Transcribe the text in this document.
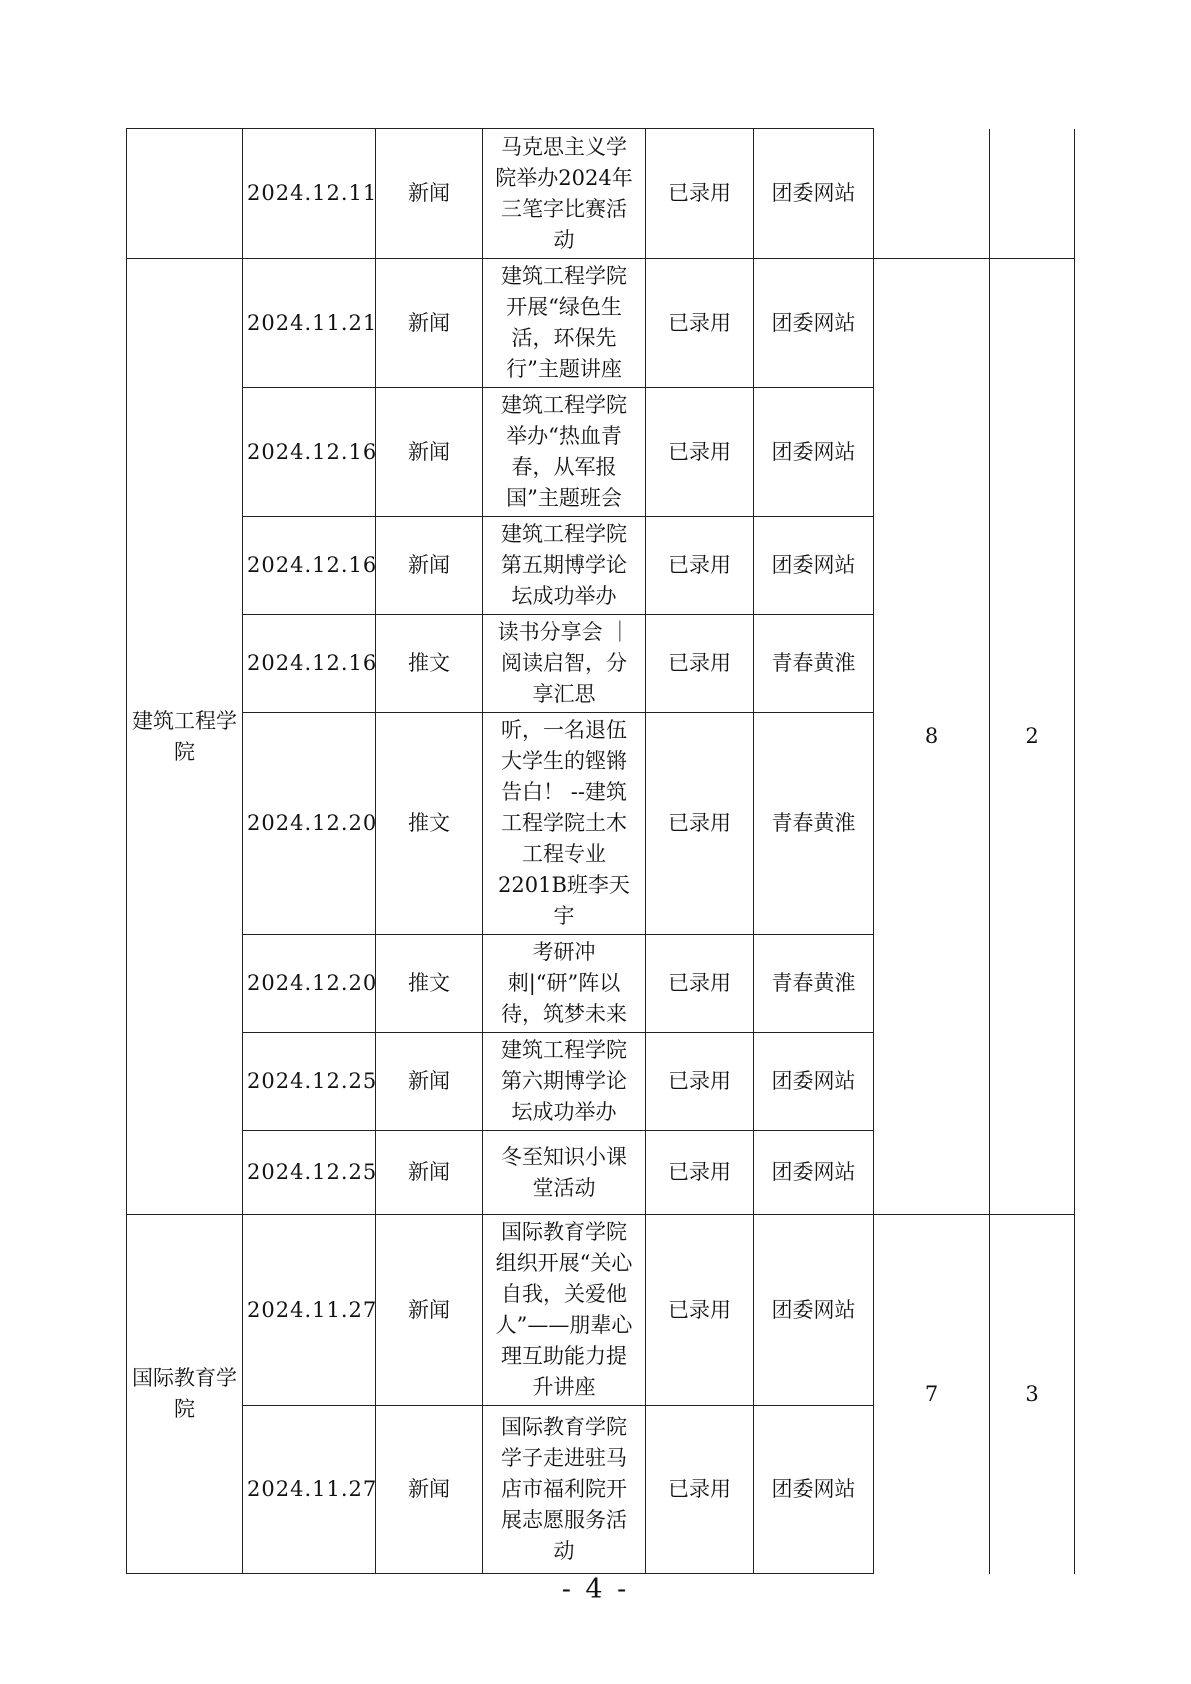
	2024.12.11	新闻	马克思主义学院举办2024年三笔字比赛活动	已录用	团委网站		
建筑工程学院	2024.11.21	新闻	建筑工程学院开展“绿色生活，环保先行”主题讲座	已录用	团委网站	8	2
	2024.12.16	新闻	建筑工程学院举办“热血青春，从军报国”主题班会	已录用	团委网站		
	2024.12.16	新闻	建筑工程学院第五期博学论坛成功举办	已录用	团委网站		
	2024.12.16	推文	读书分享会 ｜阅读启智，分享汇思	已录用	青春黄淮		
	2024.12.20	推文	听，一名退伍大学生的铿锵告白！ --建筑工程学院土木工程专业2201B班李天宇	已录用	青春黄淮		
	2024.12.20	推文	考研冲刺|“研”阵以待，筑梦未来	已录用	青春黄淮		
	2024.12.25	新闻	建筑工程学院第六期博学论坛成功举办	已录用	团委网站		
	2024.12.25	新闻	冬至知识小课堂活动	已录用	团委网站		
国际教育学院	2024.11.27	新闻	国际教育学院组织开展“关心自我，关爱他人”——朋辈心理互助能力提升讲座	已录用	团委网站	7	3
	2024.11.27	新闻	国际教育学院学子走进驻马店市福利院开展志愿服务活动	已录用	团委网站		
- 4 -
